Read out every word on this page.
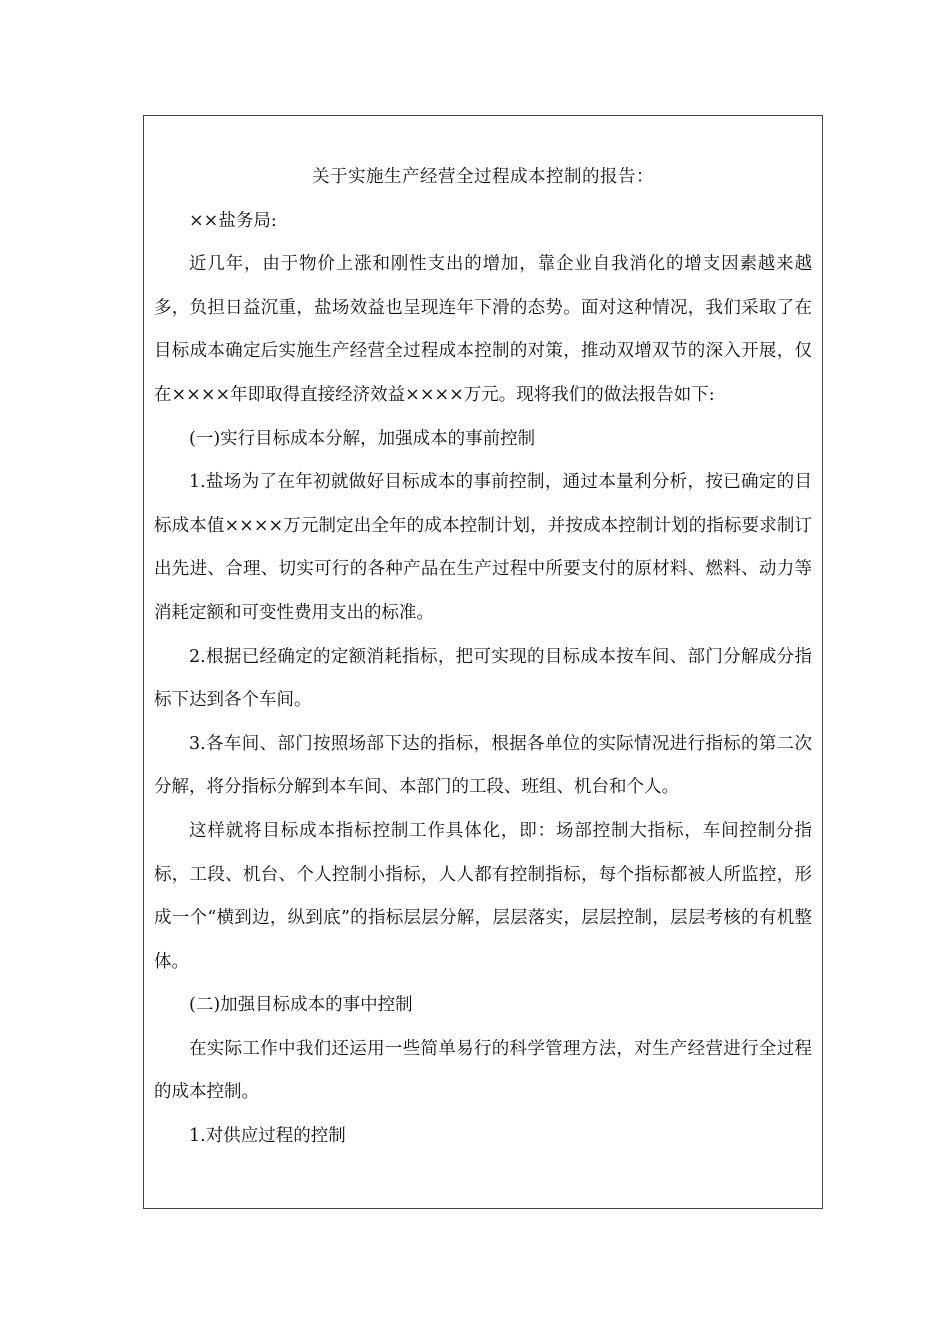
关于实施生产经营全过程成本控制的报告：

××盐务局:

近几年，由于物价上涨和刚性支出的增加，靠企业自我消化的增支因素越来越多，负担日益沉重，盐场效益也呈现连年下滑的态势。面对这种情况，我们采取了在目标成本确定后实施生产经营全过程成本控制的对策，推动双增双节的深入开展，仅在××××年即取得直接经济效益××××万元。现将我们的做法报告如下:

(一)实行目标成本分解，加强成本的事前控制

1.盐场为了在年初就做好目标成本的事前控制，通过本量利分析，按已确定的目标成本值××××万元制定出全年的成本控制计划，并按成本控制计划的指标要求制订出先进、合理、切实可行的各种产品在生产过程中所要支付的原材料、燃料、动力等消耗定额和可变性费用支出的标准。

2.根据已经确定的定额消耗指标，把可实现的目标成本按车间、部门分解成分指标下达到各个车间。

3.各车间、部门按照场部下达的指标，根据各单位的实际情况进行指标的第二次分解，将分指标分解到本车间、本部门的工段、班组、机台和个人。

这样就将目标成本指标控制工作具体化，即：场部控制大指标，车间控制分指标，工段、机台、个人控制小指标，人人都有控制指标，每个指标都被人所监控，形成一个“横到边，纵到底”的指标层层分解，层层落实，层层控制，层层考核的有机整体。

(二)加强目标成本的事中控制

在实际工作中我们还运用一些简单易行的科学管理方法，对生产经营进行全过程的成本控制。

1.对供应过程的控制
